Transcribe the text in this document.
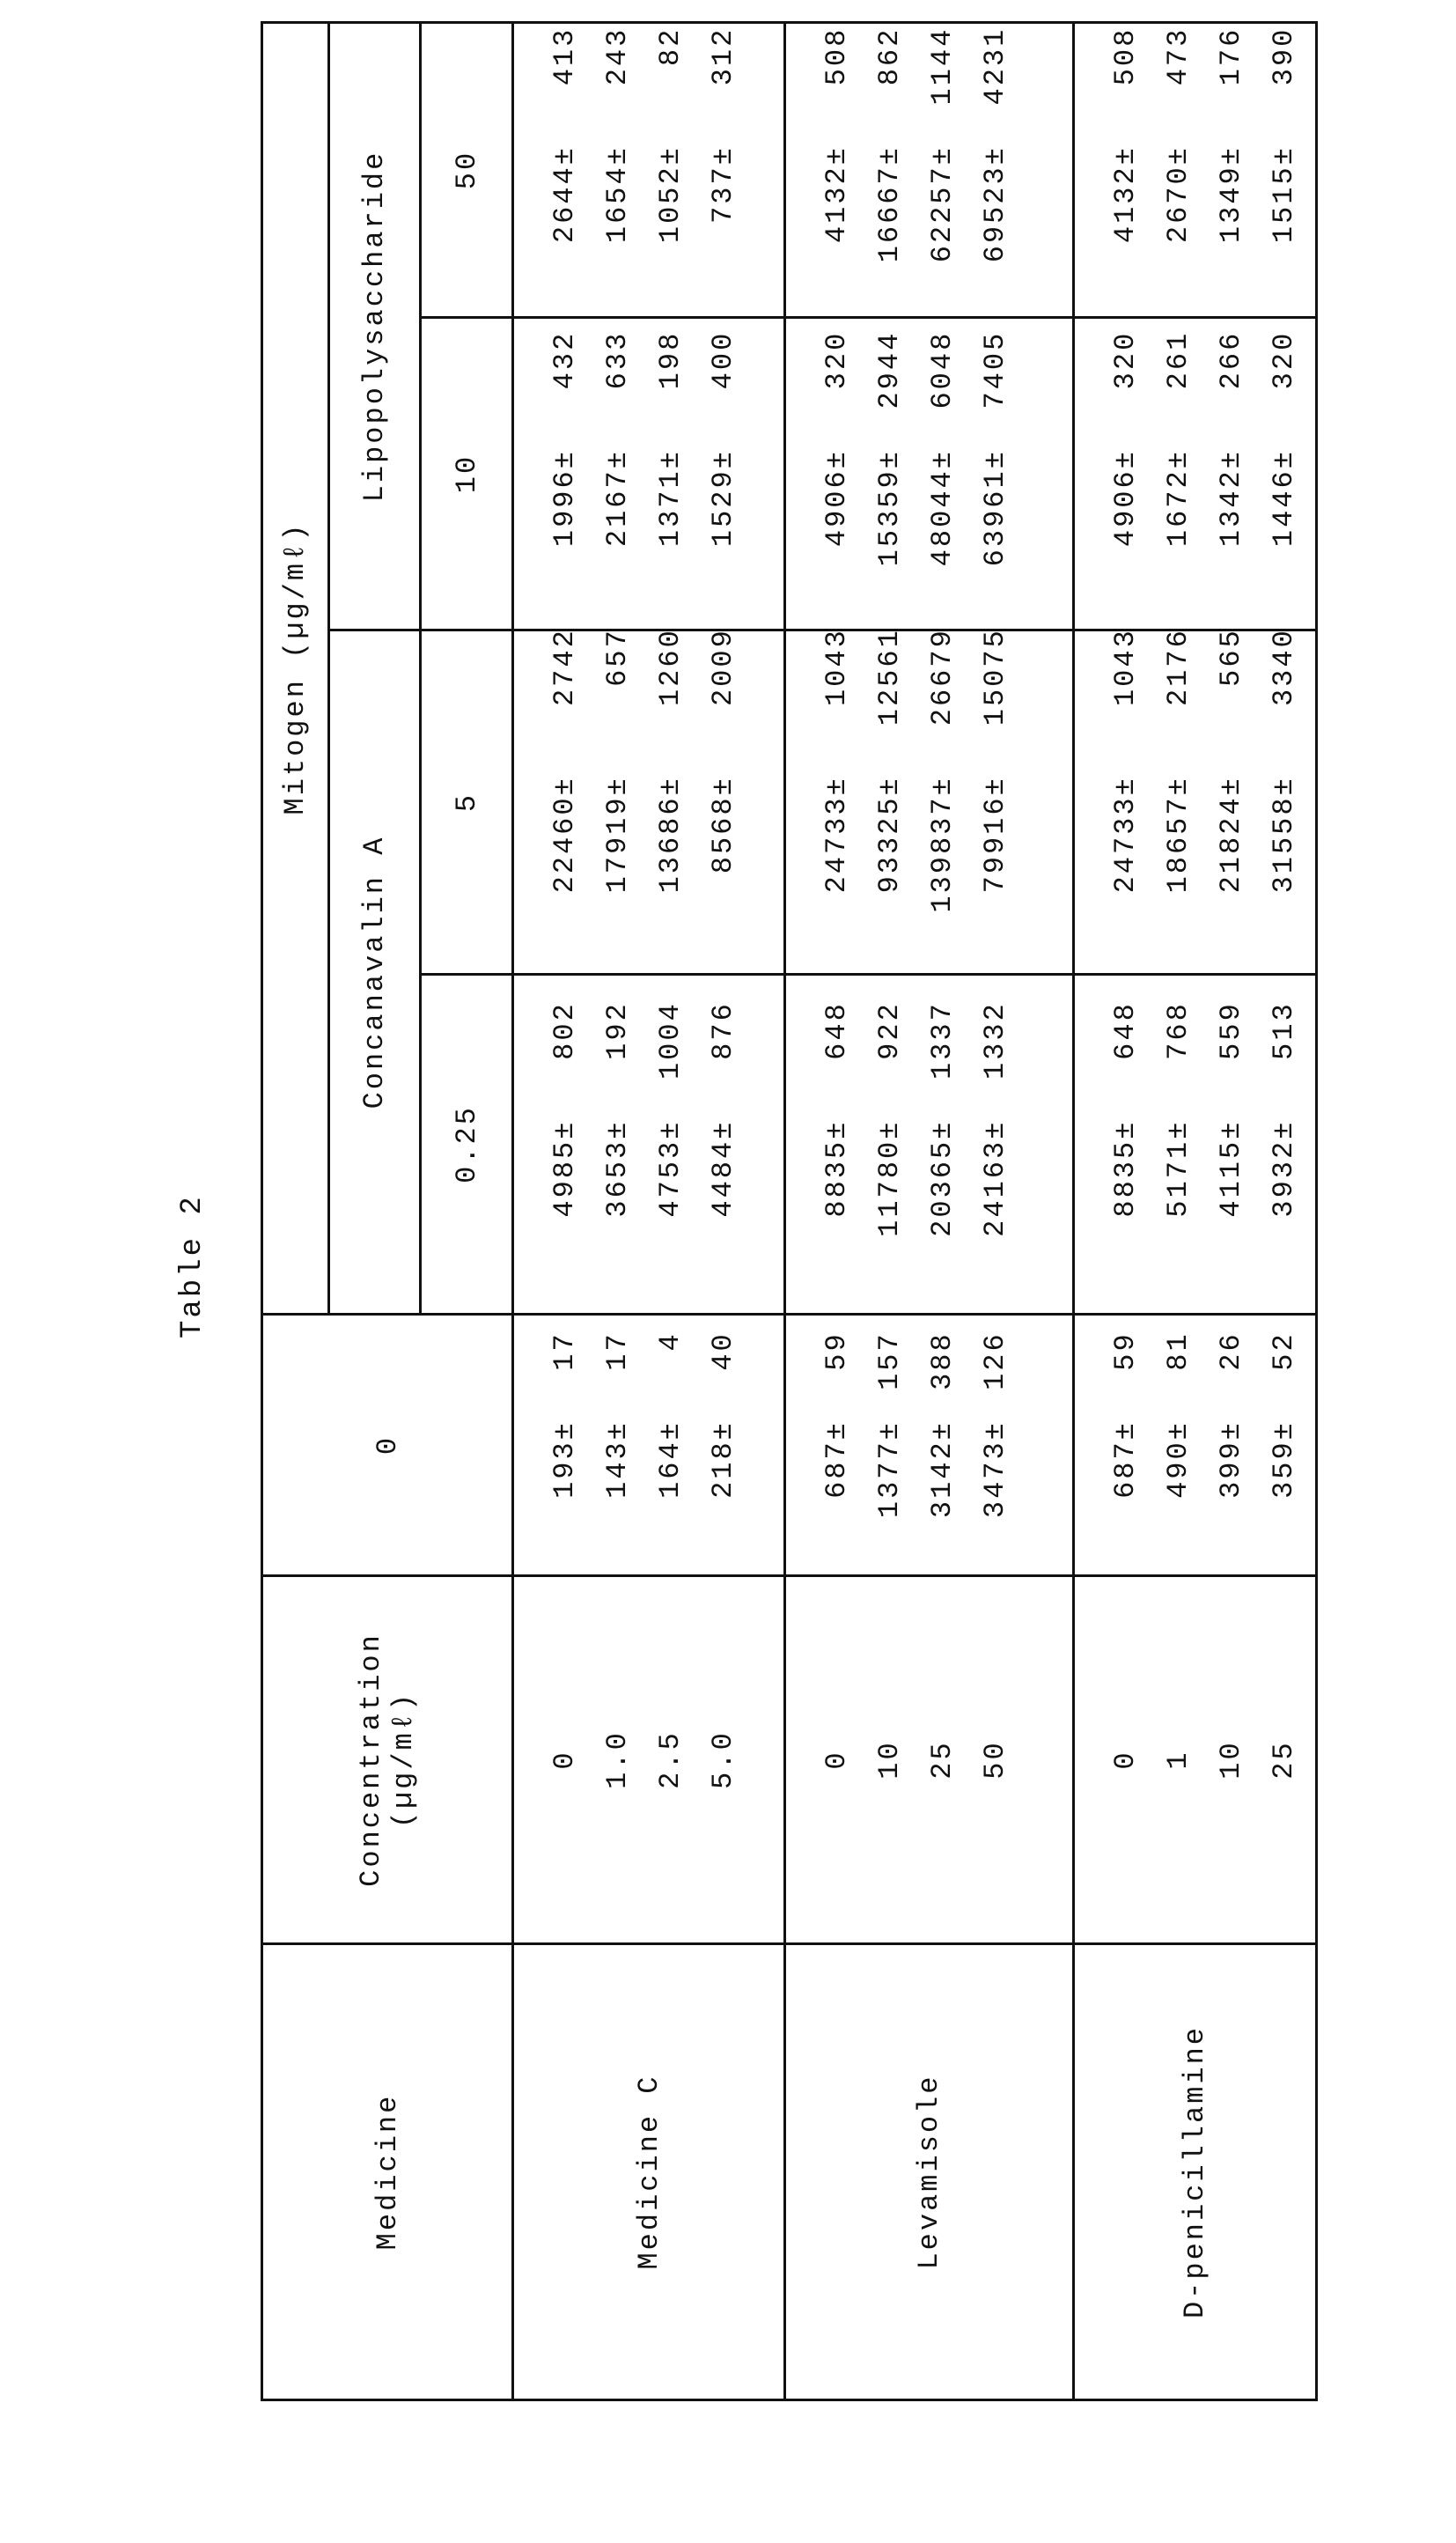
Table 2
Medicine	
Concentration (µg/mℓ)
	0	Mitogen (µg/mℓ)
Concanavalin A	Lipopolysaccharide
0.25	5	10	50
Medicine C	
0 1.0 2.5 5.0

193±17
143±17
164±4
218±40

4985±802
3653±192
4753±1004
4484±876

22460±2742
17919±657
13686±1260
8568±2009

1996±432
2167±633
1371±198
1529±400

2644±413
1654±243
1052±82
737±312

Levamisole	
0 10 25 50

687±59
1377±157
3142±388
3473±126

8835±648
11780±922
20365±1337
24163±1332

24733±1043
93325±12561
139837±26679
79916±15075

4906±320
15359±2944
48044±6048
63961±7405

4132±508
16667±862
62257±1144
69523±4231

D-penicillamine	
0 1 10 25

687±59
490±81
399±26
359±52

8835±648
5171±768
4115±559
3932±513

24733±1043
18657±2176
21824±565
31558±3340

4906±320
1672±261
1342±266
1446±320

4132±508
2670±473
1349±176
1515±390
